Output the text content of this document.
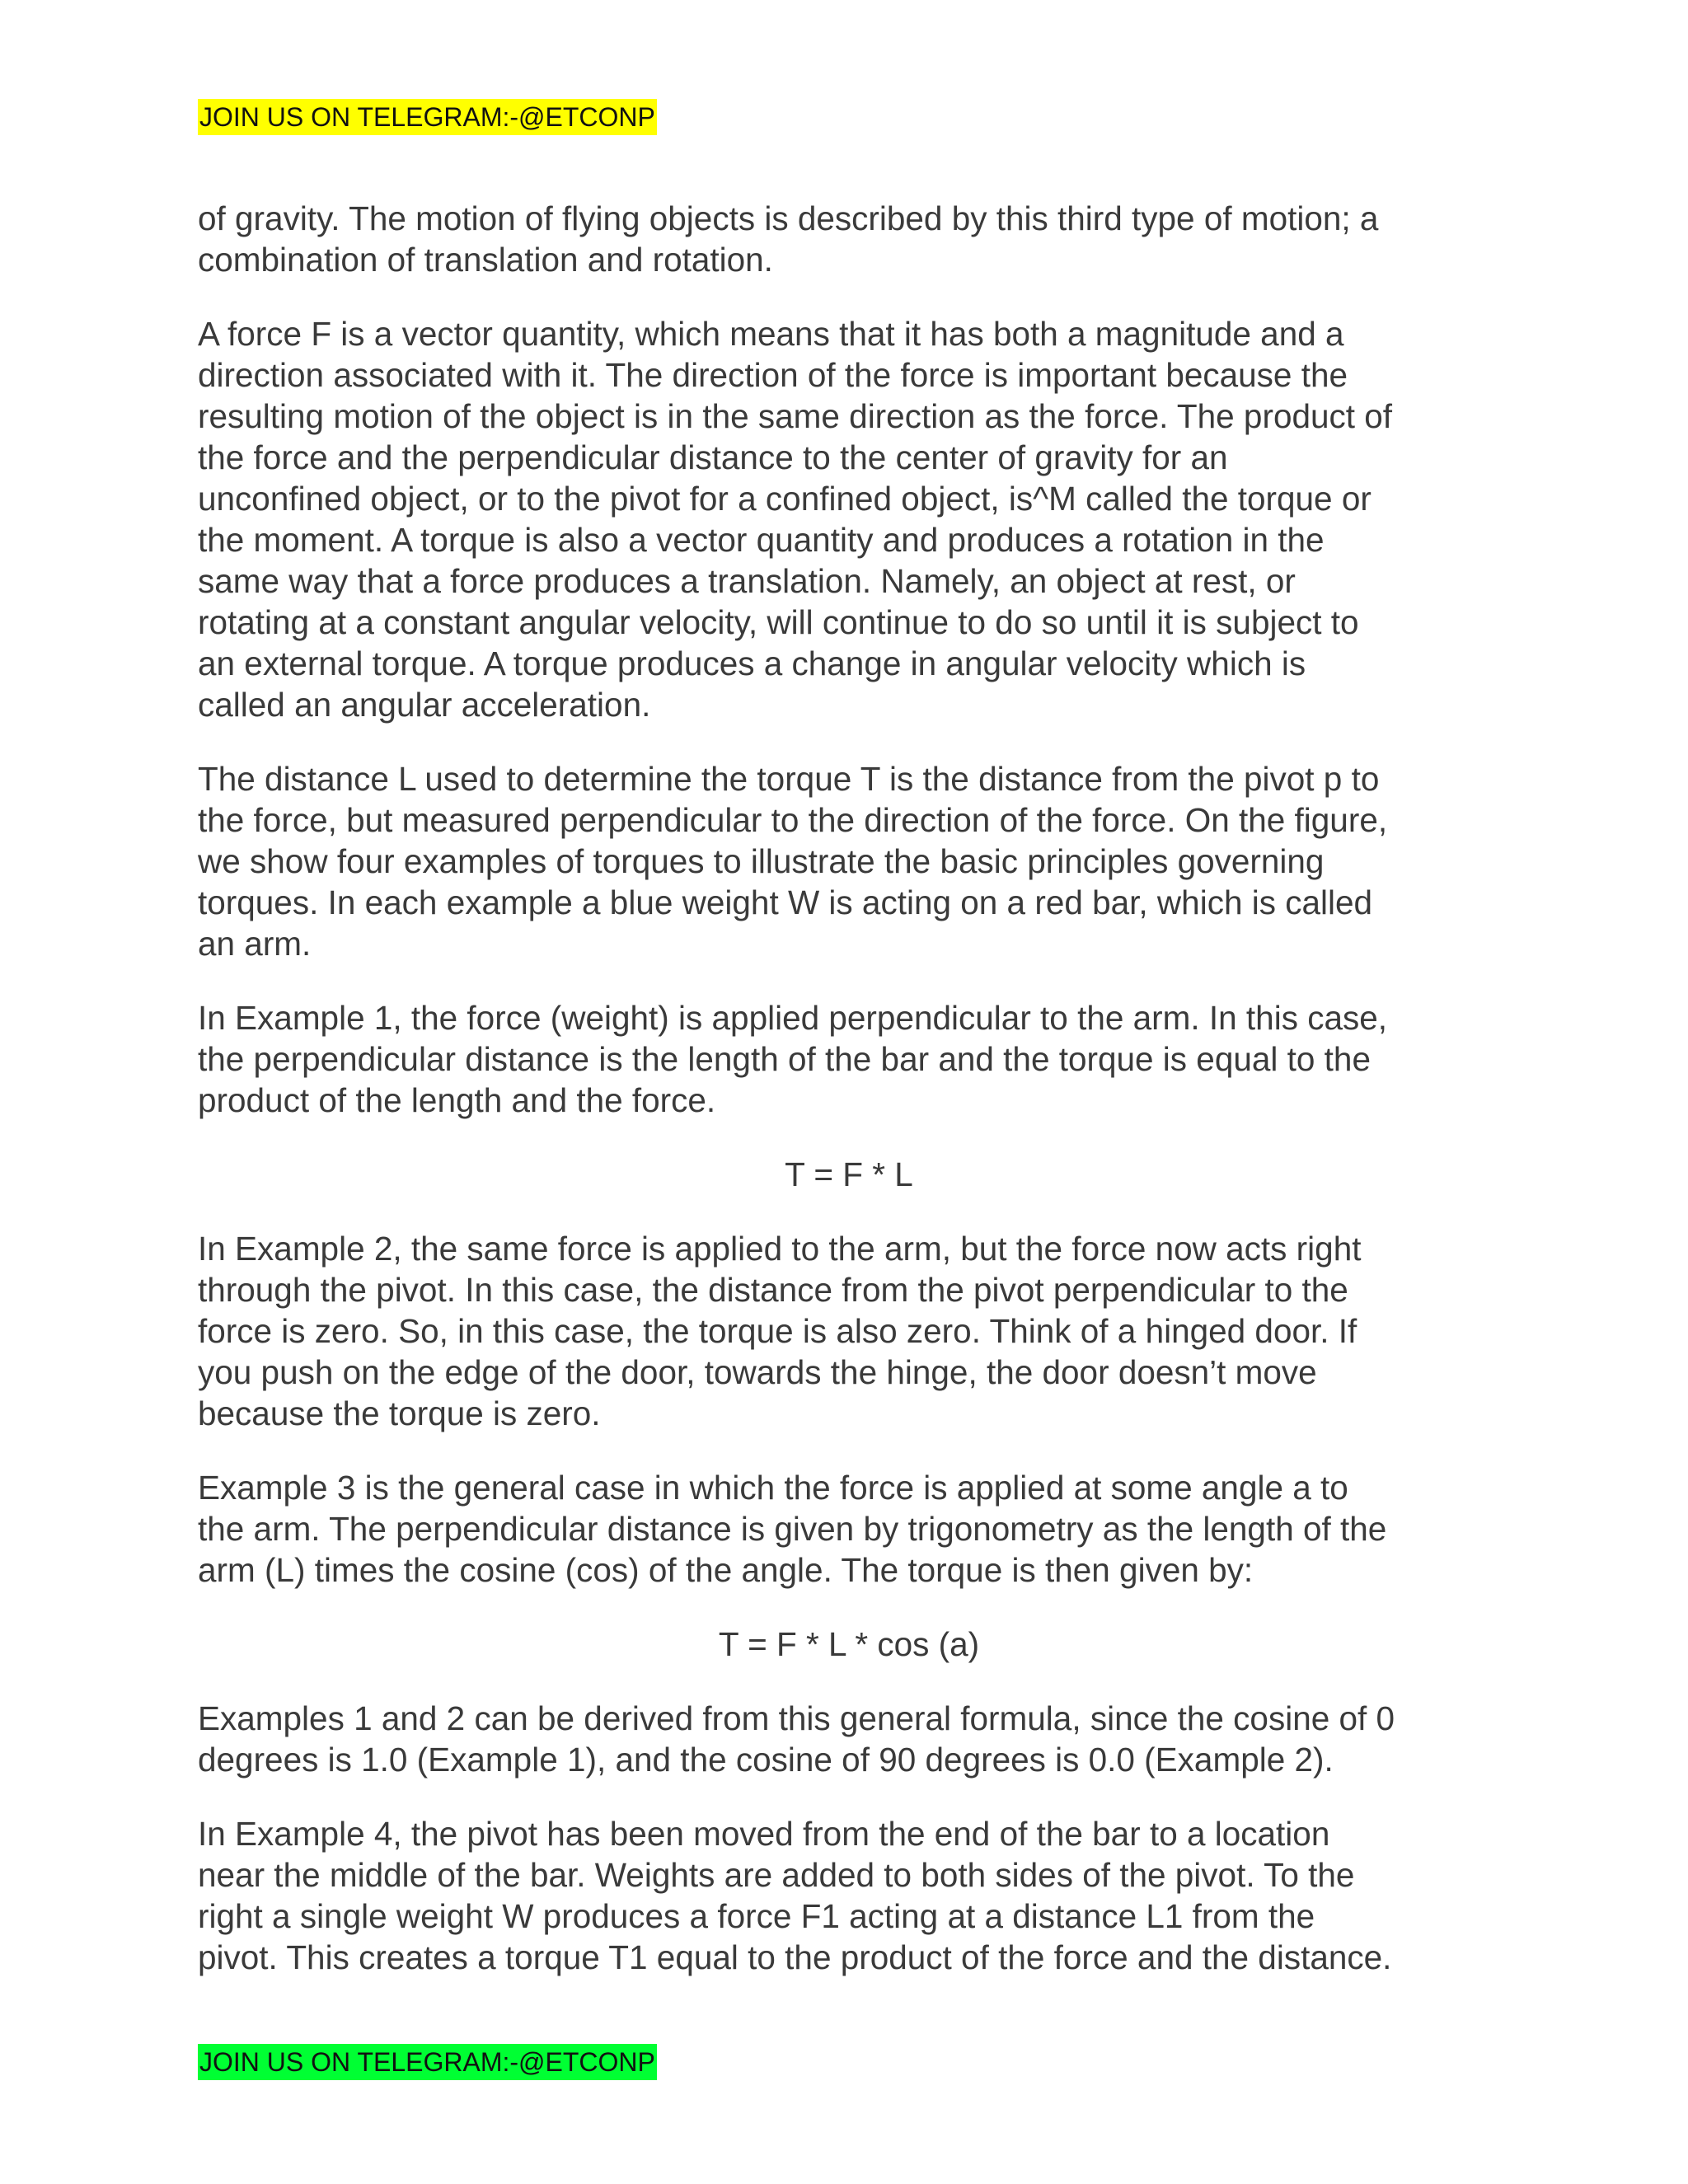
JOIN US ON TELEGRAM:-@ETCONP

of gravity. The motion of flying objects is described by this third type of motion; a
combination of translation and rotation.

A force F is a vector quantity, which means that it has both a magnitude and a
direction associated with it. The direction of the force is important because the
resulting motion of the object is in the same direction as the force. The product of
the force and the perpendicular distance to the center of gravity for an
unconfined object, or to the pivot for a confined object, is^M called the torque or
the moment. A torque is also a vector quantity and produces a rotation in the
same way that a force produces a translation. Namely, an object at rest, or
rotating at a constant angular velocity, will continue to do so until it is subject to
an external torque. A torque produces a change in angular velocity which is
called an angular acceleration.

The distance L used to determine the torque T is the distance from the pivot p to
the force, but measured perpendicular to the direction of the force. On the figure,
we show four examples of torques to illustrate the basic principles governing
torques. In each example a blue weight W is acting on a red bar, which is called
an arm.

In Example 1, the force (weight) is applied perpendicular to the arm. In this case,
the perpendicular distance is the length of the bar and the torque is equal to the
product of the length and the force.

T = F * L

In Example 2, the same force is applied to the arm, but the force now acts right
through the pivot. In this case, the distance from the pivot perpendicular to the
force is zero. So, in this case, the torque is also zero. Think of a hinged door. If
you push on the edge of the door, towards the hinge, the door doesn’t move
because the torque is zero.

Example 3 is the general case in which the force is applied at some angle a to
the arm. The perpendicular distance is given by trigonometry as the length of the
arm (L) times the cosine (cos) of the angle. The torque is then given by:

T = F * L * cos (a)

Examples 1 and 2 can be derived from this general formula, since the cosine of 0
degrees is 1.0 (Example 1), and the cosine of 90 degrees is 0.0 (Example 2).

In Example 4, the pivot has been moved from the end of the bar to a location
near the middle of the bar. Weights are added to both sides of the pivot. To the
right a single weight W produces a force F1 acting at a distance L1 from the
pivot. This creates a torque T1 equal to the product of the force and the distance.

JOIN US ON TELEGRAM:-@ETCONP
